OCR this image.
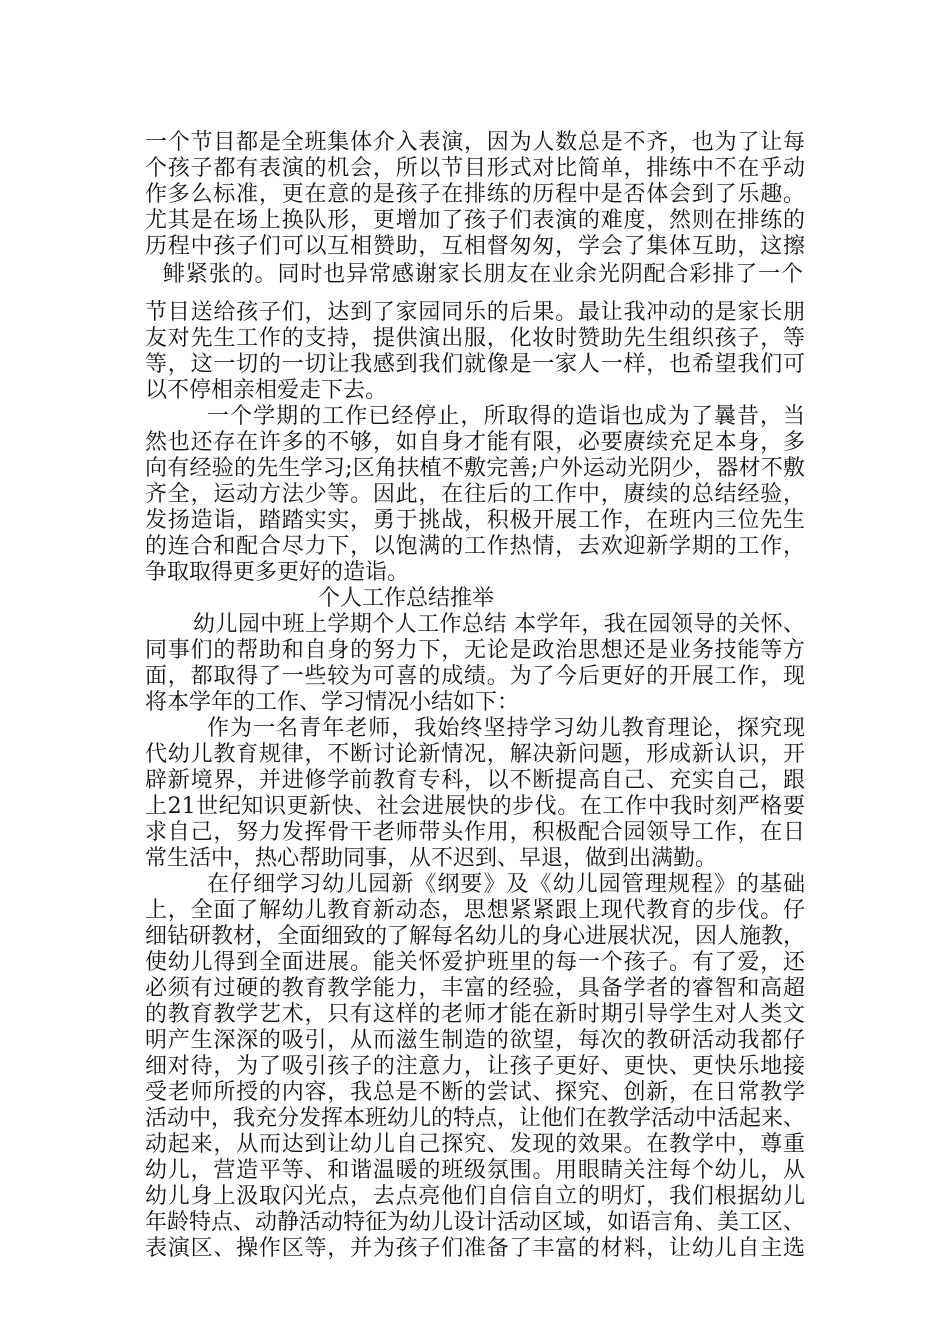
一个节目都是全班集体介入表演，因为人数总是不齐，也为了让每
个孩子都有表演的机会，所以节目形式对比简单，排练中不在乎动
作多么标准，更在意的是孩子在排练的历程中是否体会到了乐趣。
尤其是在场上换队形，更增加了孩子们表演的难度，然则在排练的
历程中孩子们可以互相赞助，互相督匆匆，学会了集体互助，这擦
鲱紧张的。同时也异常感谢家长朋友在业余光阴配合彩排了一个
节目送给孩子们，达到了家园同乐的后果。最让我冲动的是家长朋
友对先生工作的支持，提供演出服，化妆时赞助先生组织孩子，等
等，这一切的一切让我感到我们就像是一家人一样，也希望我们可
以不停相亲相爱走下去。
一个学期的工作已经停止，所取得的造诣也成为了曩昔，当
然也还存在许多的不够，如自身才能有限，必要赓续充足本身，多
向有经验的先生学习;区角扶植不敷完善;户外运动光阴少，器材不敷
齐全，运动方法少等。因此，在往后的工作中，赓续的总结经验，
发扬造诣，踏踏实实，勇于挑战，积极开展工作，在班内三位先生
的连合和配合尽力下，以饱满的工作热情，去欢迎新学期的工作，
争取取得更多更好的造诣。
个人工作总结推举
幼儿园中班上学期个人工作总结 本学年，我在园领导的关怀、
同事们的帮助和自身的努力下，无论是政治思想还是业务技能等方
面，都取得了一些较为可喜的成绩。为了今后更好的开展工作，现
将本学年的工作、学习情况小结如下：
作为一名青年老师，我始终坚持学习幼儿教育理论，探究现
代幼儿教育规律，不断讨论新情况，解决新问题，形成新认识，开
辟新境界，并进修学前教育专科，以不断提高自己、充实自己，跟
上21世纪知识更新快、社会进展快的步伐。在工作中我时刻严格要
求自己，努力发挥骨干老师带头作用，积极配合园领导工作，在日
常生活中，热心帮助同事，从不迟到、早退，做到出满勤。
在仔细学习幼儿园新《纲要》及《幼儿园管理规程》的基础
上，全面了解幼儿教育新动态，思想紧紧跟上现代教育的步伐。仔
细钻研教材，全面细致的了解每名幼儿的身心进展状况，因人施教，
使幼儿得到全面进展。能关怀爱护班里的每一个孩子。有了爱，还
必须有过硬的教育教学能力，丰富的经验，具备学者的睿智和高超
的教育教学艺术，只有这样的老师才能在新时期引导学生对人类文
明产生深深的吸引，从而滋生制造的欲望，每次的教研活动我都仔
细对待，为了吸引孩子的注意力，让孩子更好、更快、更快乐地接
受老师所授的内容，我总是不断的尝试、探究、创新，在日常教学
活动中，我充分发挥本班幼儿的特点，让他们在教学活动中活起来、
动起来，从而达到让幼儿自己探究、发现的效果。在教学中，尊重
幼儿，营造平等、和谐温暖的班级氛围。用眼睛关注每个幼儿，从
幼儿身上汲取闪光点，去点亮他们自信自立的明灯，我们根据幼儿
年龄特点、动静活动特征为幼儿设计活动区域，如语言角、美工区、
表演区、操作区等，并为孩子们准备了丰富的材料，让幼儿自主选
